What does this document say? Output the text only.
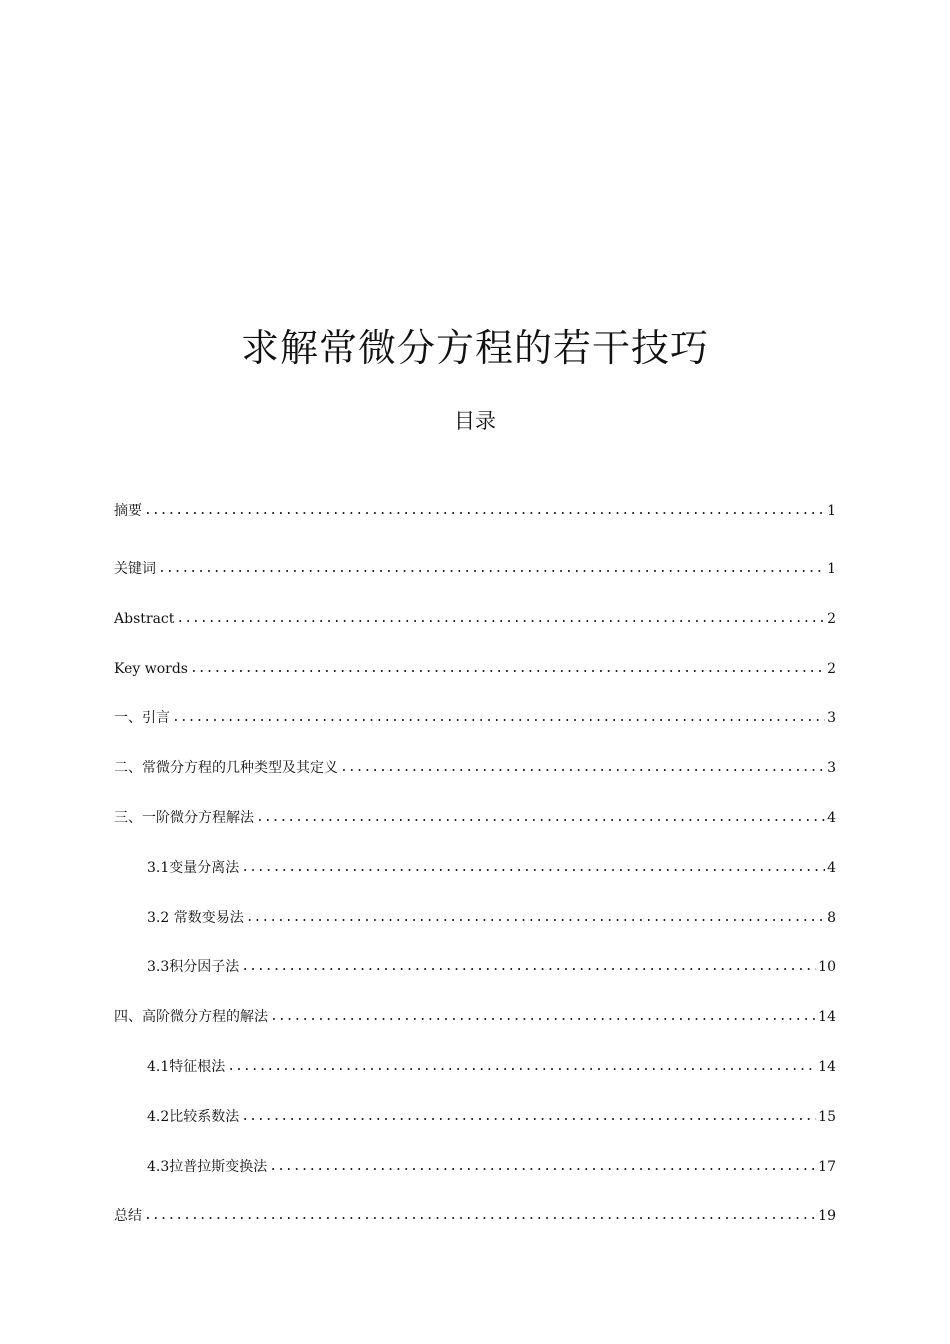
求解常微分方程的若干技巧
目录
摘要 .....	1
关键词 .....	1
Abstract .....	2
Key words .....	2
一、引言 .....	3
二、常微分方程的几种类型及其定义 .....	3
三、一阶微分方程解法 .....	4
3.1变量分离法 .....	4
3.2 常数变易法 .....	8
3.3积分因子法 .....	10
四、高阶微分方程的解法 .....	14
4.1特征根法 .....	14
4.2比较系数法 .....	15
4.3拉普拉斯变换法 .....	17
总结 .....	19
